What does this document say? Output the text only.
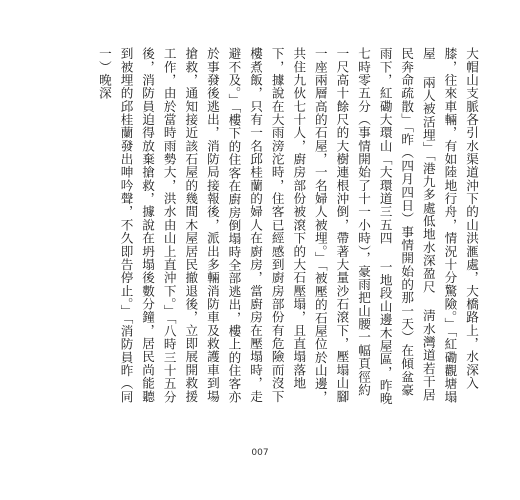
大帽山支脈各引水渠道沖下的山洪滙處，大橋路上，水深入膝，往來車輛，有如陸地行舟，情況十分驚險。」「紅磡觀塘塌屋 兩人被活埋」「港九多處低地水深盈尺 淸水灣道若干居民奔命疏散」「昨（四月四日）事情開始的那一天）在傾盆豪雨下，紅磡大環山「大環道三五四 一地段山邊木屋區，昨晚七時零五分（事情開始了十一小時），豪雨把山腰一幅頁徑約一尺高十餘尺的大樹連根沖倒，帶著大量沙石滾下，壓塌山腳一座兩層高的石屋，一名婦人被埋。」「被壓的石屋位於山邊，共住九伙七十人，廚房部份被滾下的大石壓塌，且直塌落地下，據說在大雨滂沱時，住客已經感到廚房部份有危險而沒下樓煮飯，只有一名邱桂蘭的婦人在廚房，當廚房在壓塌時，走避不及。」「樓下的住客在廚房倒塌時全部逃出，樓上的住客亦於事發後逃出，消防局接報後，派出多輛消防車及救護車到場搶救，通知接近該石屋的幾間木屋居民撤退後，立即展開救援工作，由於當時雨勢大，洪水由山上直沖下。」「八時三十五分後，消防員迫得放棄搶救，據說在坍塌後數分鐘，居民尚能聽到被埋的邱桂蘭發出呻吟聲，不久即告停止。」「消防員昨（同一）晚深
007
